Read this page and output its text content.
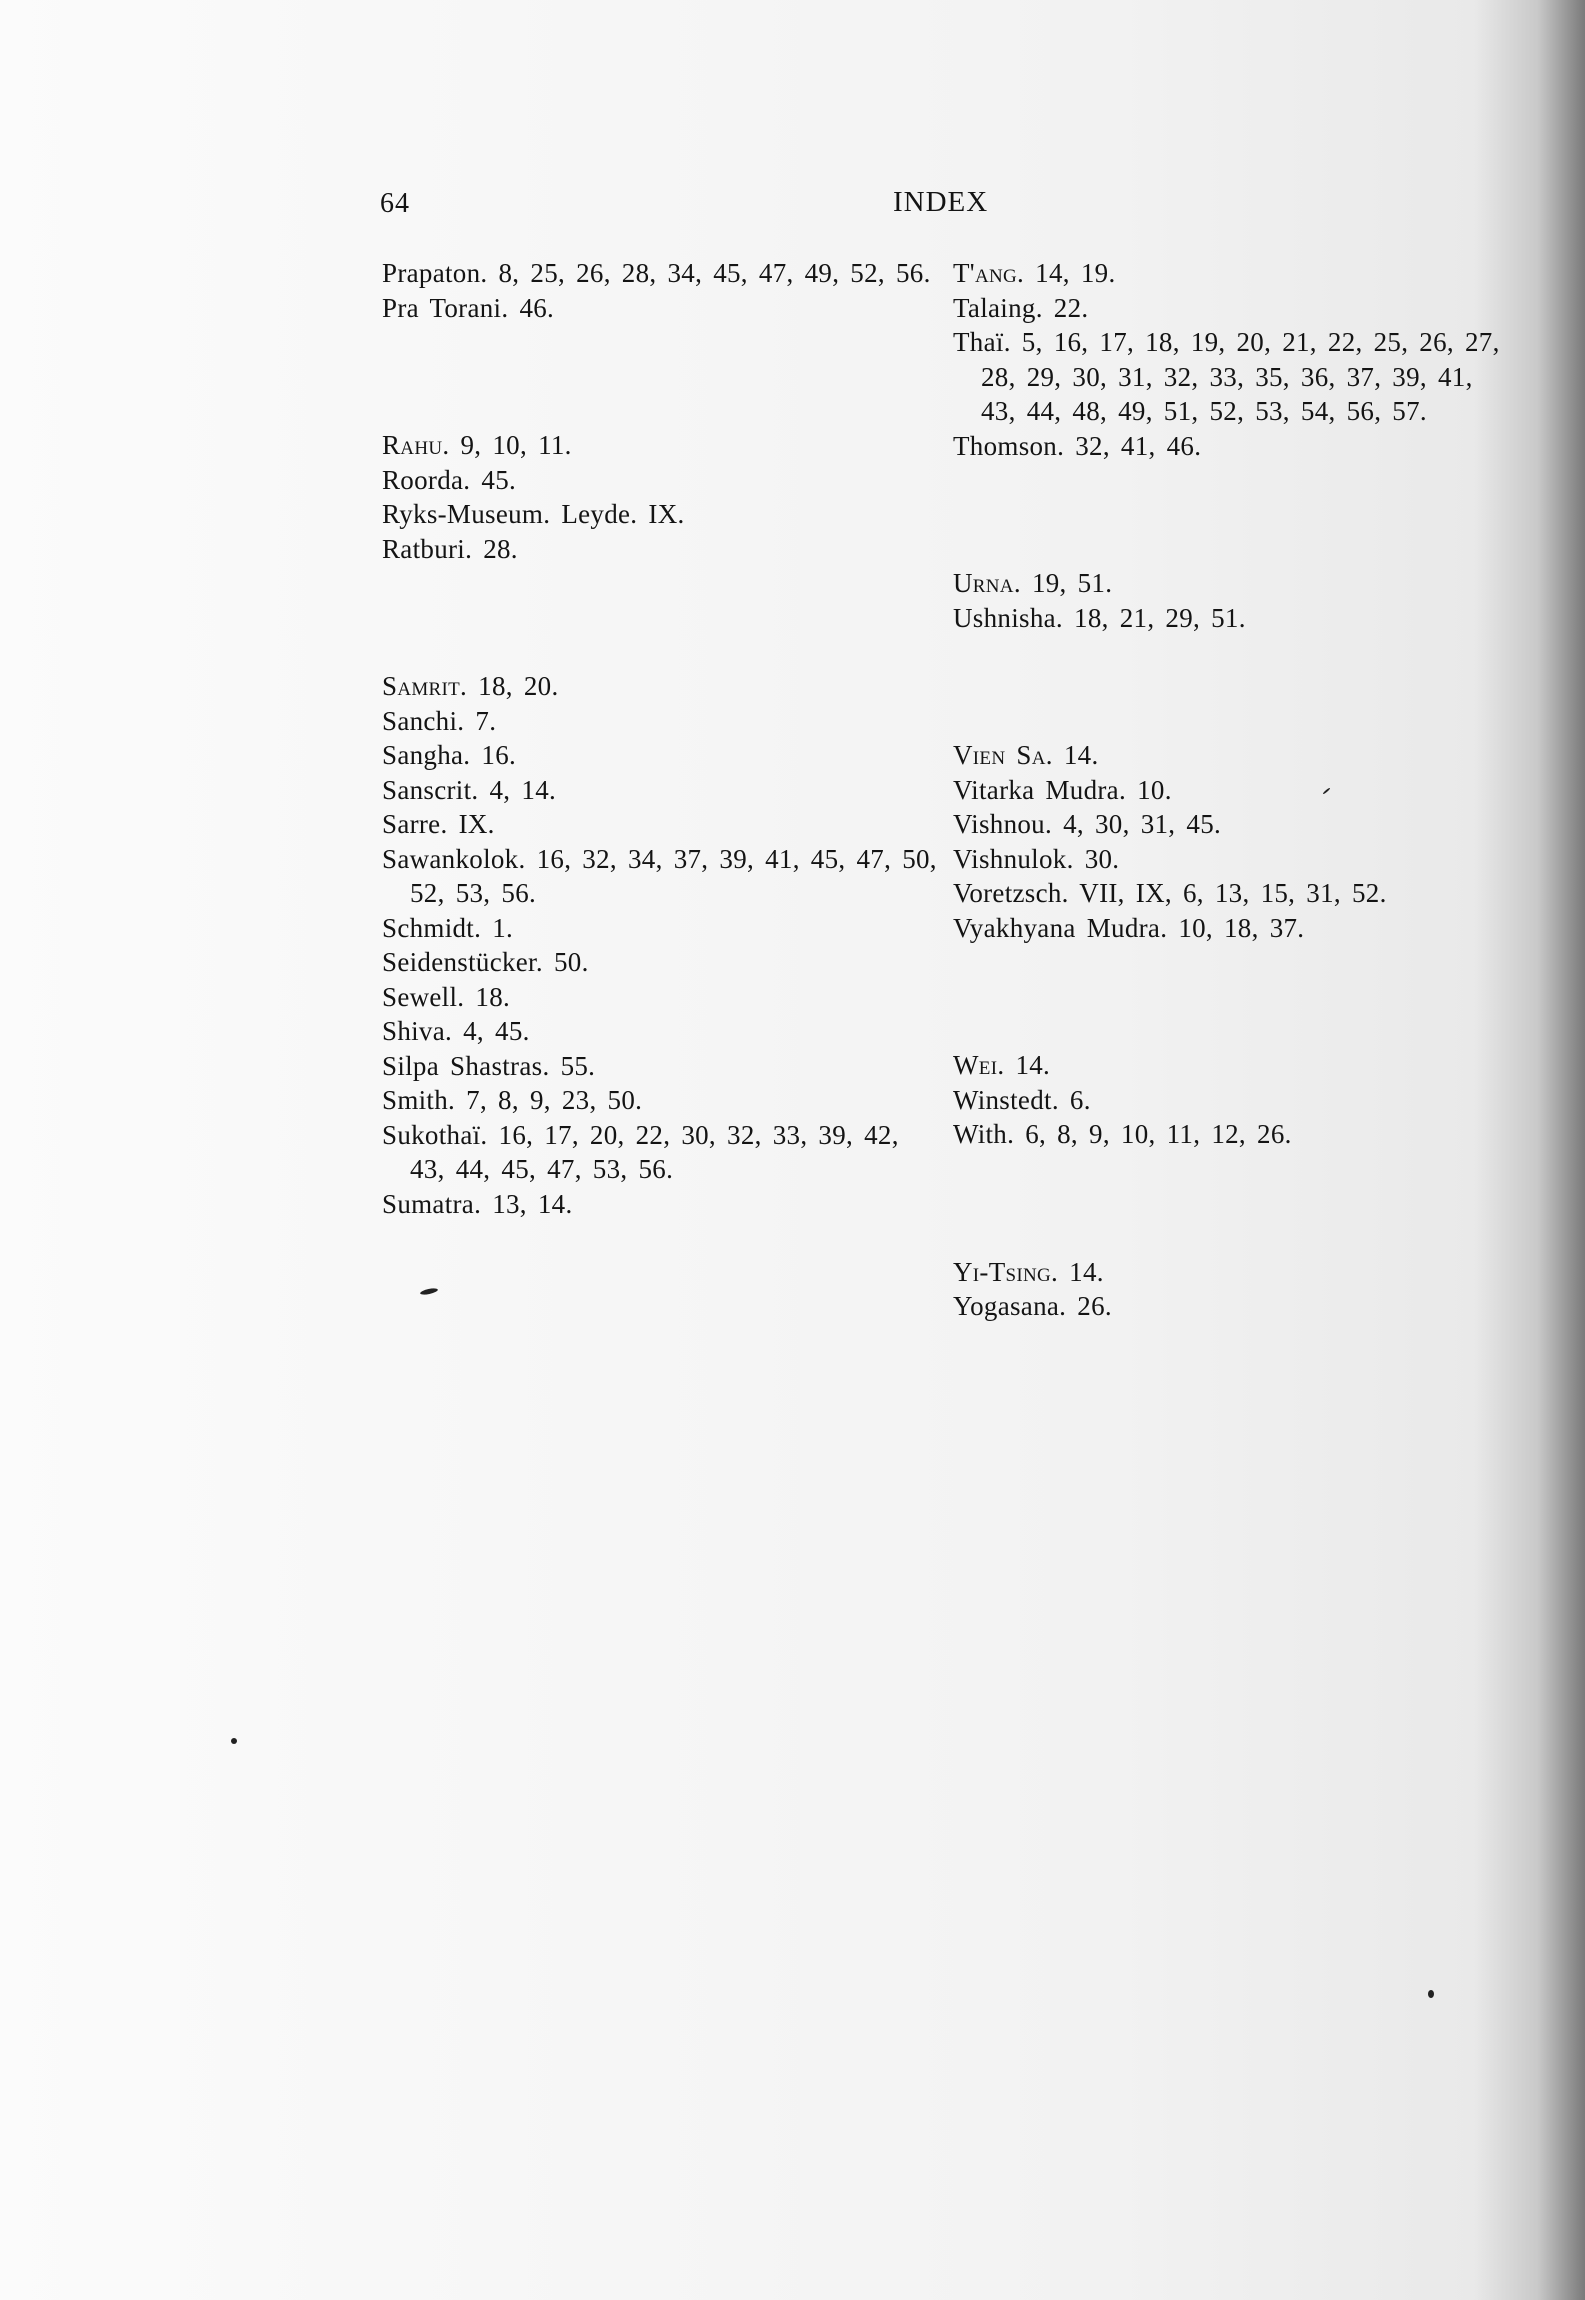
64	INDEX
Prapaton. 8, 25, 26, 28, 34, 45, 47, 49, 52, 56.
Pra Torani. 46.
Rahu. 9, 10, 11.
Roorda. 45.
Ryks-Museum. Leyde. IX.
Ratburi. 28.
Samrit. 18, 20.
Sanchi. 7.
Sangha. 16.
Sanscrit. 4, 14.
Sarre. IX.
Sawankolok. 16, 32, 34, 37, 39, 41, 45, 47, 50, 52, 53, 56.
Schmidt. 1.
Seidenstücker. 50.
Sewell. 18.
Shiva. 4, 45.
Silpa Shastras. 55.
Smith. 7, 8, 9, 23, 50.
Sukothaï. 16, 17, 20, 22, 30, 32, 33, 39, 42, 43, 44, 45, 47, 53, 56.
Sumatra. 13, 14.
T'ang. 14, 19.
Talaing. 22.
Thaï. 5, 16, 17, 18, 19, 20, 21, 22, 25, 26, 27, 28, 29, 30, 31, 32, 33, 35, 36, 37, 39, 41, 43, 44, 48, 49, 51, 52, 53, 54, 56, 57.
Thomson. 32, 41, 46.
Urna. 19, 51.
Ushnisha. 18, 21, 29, 51.
Vien Sa. 14.
Vitarka Mudra. 10.
Vishnou. 4, 30, 31, 45.
Vishnulok. 30.
Voretzsch. VII, IX, 6, 13, 15, 31, 52.
Vyakhyana Mudra. 10, 18, 37.
Wei. 14.
Winstedt. 6.
With. 6, 8, 9, 10, 11, 12, 26.
Yi-Tsing. 14.
Yogasana. 26.
